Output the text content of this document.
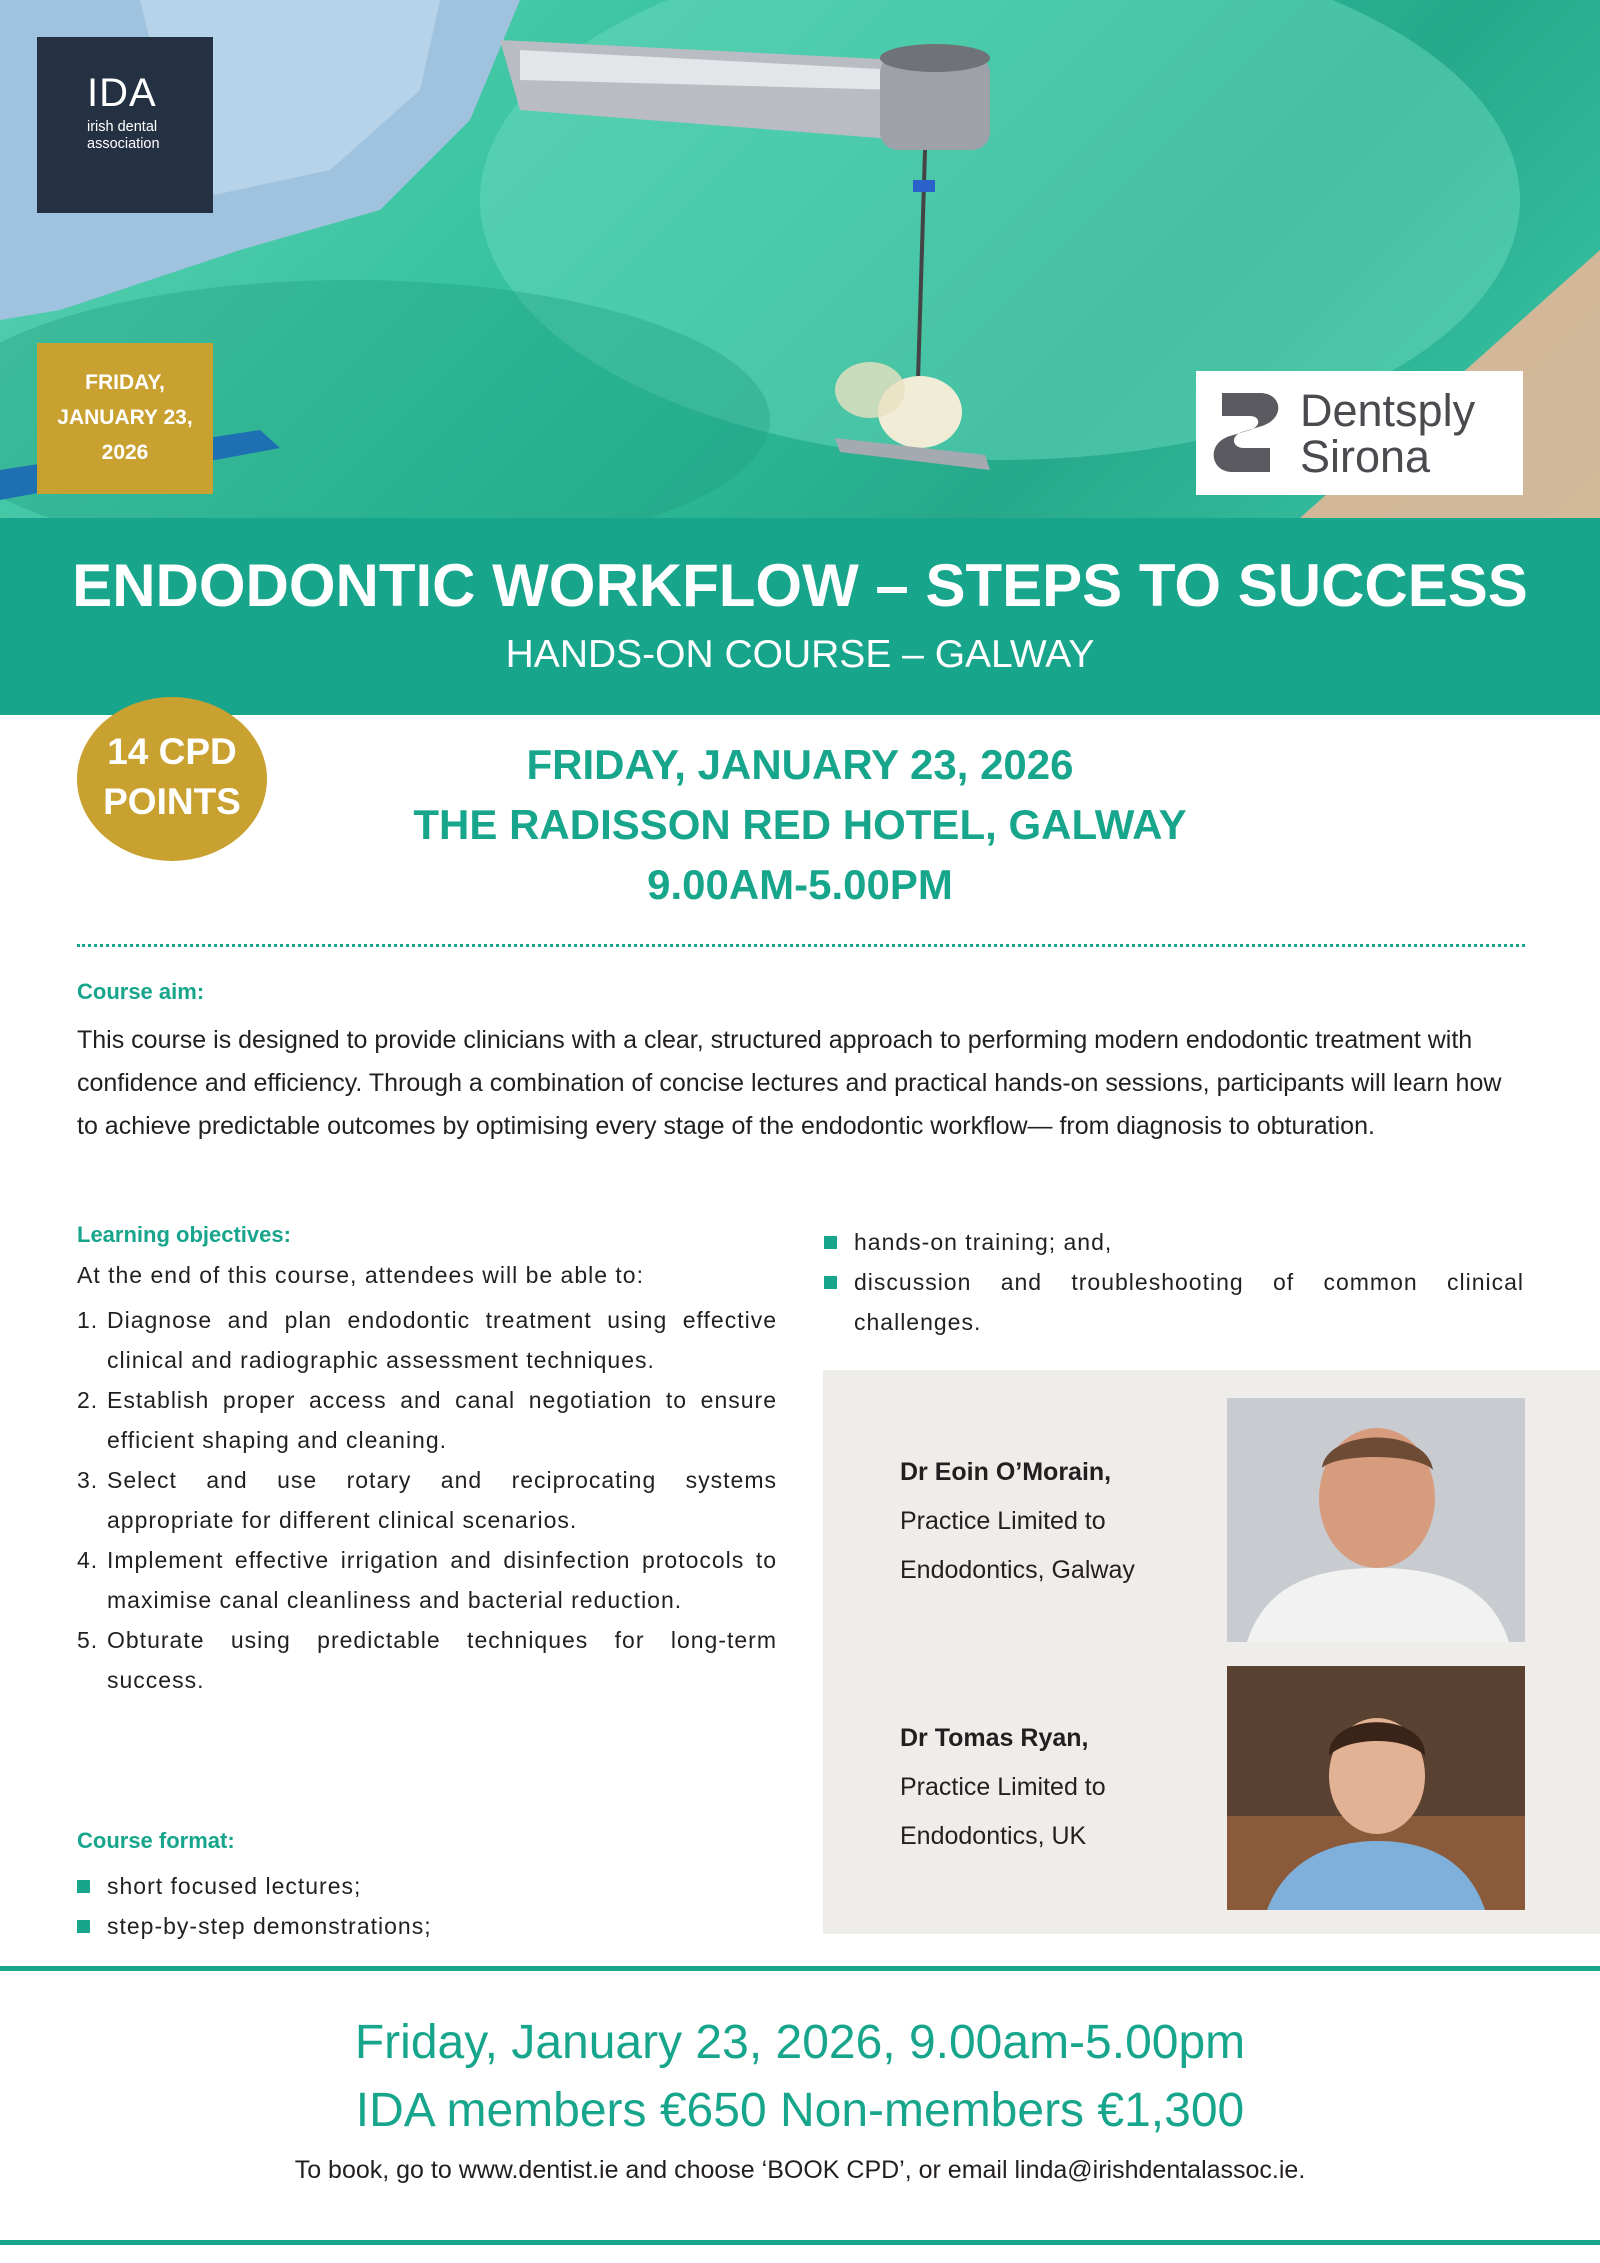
IDA
irish dental
association
FRIDAY,
JANUARY 23,
2026
Dentsply
Sirona
ENDODONTIC WORKFLOW – STEPS TO SUCCESS
HANDS-ON COURSE – GALWAY
14 CPD
POINTS
FRIDAY, JANUARY 23, 2026
THE RADISSON RED HOTEL, GALWAY
9.00AM-5.00PM
Course aim:
This course is designed to provide clinicians with a clear, structured approach to performing modern endodontic treatment with confidence and efficiency. Through a combination of concise lectures and practical hands-on sessions, participants will learn how to achieve predictable outcomes by optimising every stage of the endodontic workflow— from diagnosis to obturation.
Learning objectives:
At the end of this course, attendees will be able to:
1. Diagnose and plan endodontic treatment using effective clinical and radiographic assessment techniques.
2. Establish proper access and canal negotiation to ensure efficient shaping and cleaning.
3. Select and use rotary and reciprocating systems appropriate for different clinical scenarios.
4. Implement effective irrigation and disinfection protocols to maximise canal cleanliness and bacterial reduction.
5. Obturate using predictable techniques for long-term success.
Course format:
short focused lectures;
step-by-step demonstrations;
hands-on training; and,
discussion and troubleshooting of common clinical challenges.
Dr Eoin O’Morain,
Practice Limited to
Endodontics, Galway
Dr Tomas Ryan,
Practice Limited to
Endodontics, UK
Friday, January 23, 2026, 9.00am-5.00pm
IDA members €650 Non-members €1,300
To book, go to www.dentist.ie and choose ‘BOOK CPD’, or email linda@irishdentalassoc.ie.
